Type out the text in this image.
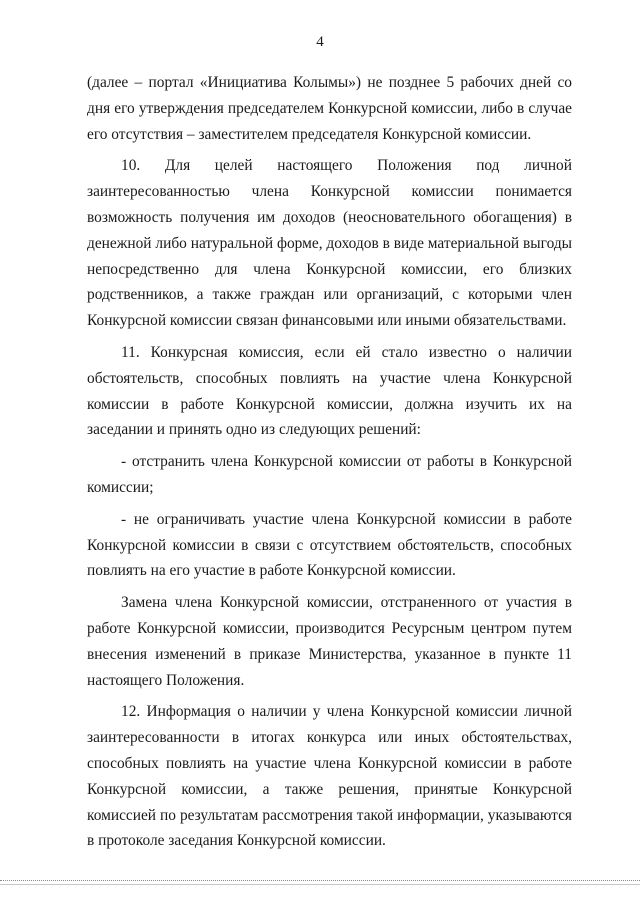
4

(далее – портал «Инициатива Колымы») не позднее 5 рабочих дней со дня его утверждения председателем Конкурсной комиссии, либо в случае его отсутствия – заместителем председателя Конкурсной комиссии.

10. Для целей настоящего Положения под личной заинтересованностью члена Конкурсной комиссии понимается возможность получения им доходов (неосновательного обогащения) в денежной либо натуральной форме, доходов в виде материальной выгоды непосредственно для члена Конкурсной комиссии, его близких родственников, а также граждан или организаций, с которыми член Конкурсной комиссии связан финансовыми или иными обязательствами.

11. Конкурсная комиссия, если ей стало известно о наличии обстоятельств, способных повлиять на участие члена Конкурсной комиссии в работе Конкурсной комиссии, должна изучить их на заседании и принять одно из следующих решений:

- отстранить члена Конкурсной комиссии от работы в Конкурсной комиссии;

- не ограничивать участие члена Конкурсной комиссии в работе Конкурсной комиссии в связи с отсутствием обстоятельств, способных повлиять на его участие в работе Конкурсной комиссии.

Замена члена Конкурсной комиссии, отстраненного от участия в работе Конкурсной комиссии, производится Ресурсным центром путем внесения изменений в приказе Министерства, указанное в пункте 11 настоящего Положения.

12. Информация о наличии у члена Конкурсной комиссии личной заинтересованности в итогах конкурса или иных обстоятельствах, способных повлиять на участие члена Конкурсной комиссии в работе Конкурсной комиссии, а также решения, принятые Конкурсной комиссией по результатам рассмотрения такой информации, указываются в протоколе заседания Конкурсной комиссии.
